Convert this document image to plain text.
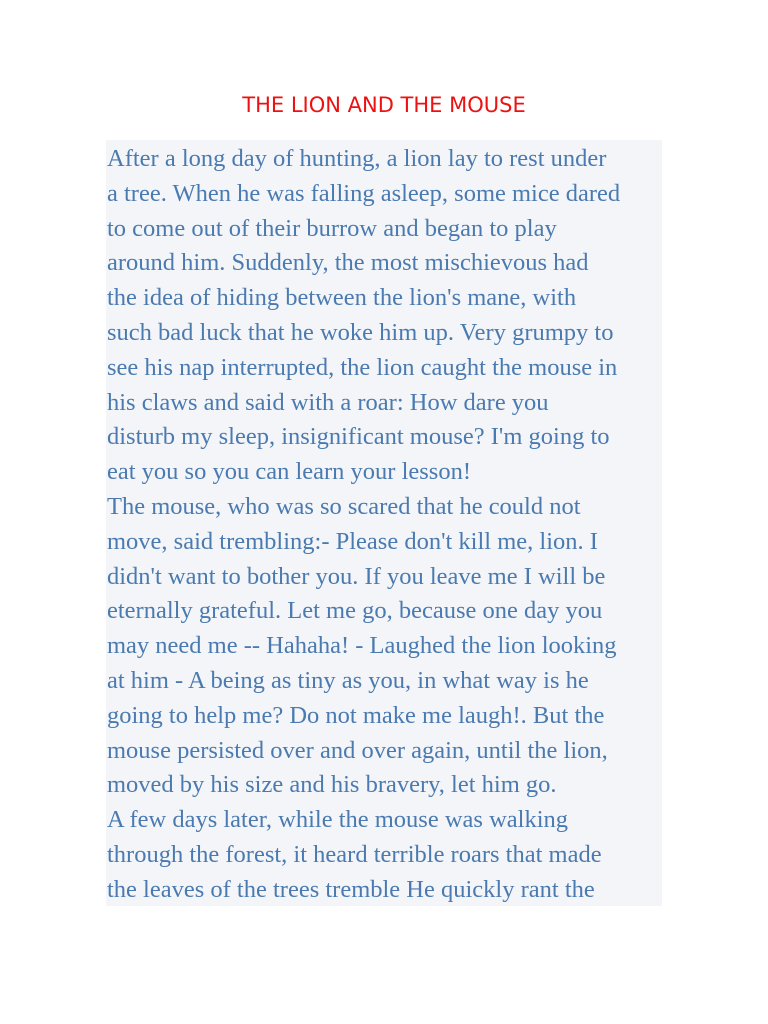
THE LION AND THE MOUSE
After a long day of hunting, a lion lay to rest under
a tree. When he was falling asleep, some mice dared
to come out of their burrow and began to play
around him. Suddenly, the most mischievous had
the idea of hiding between the lion's mane, with
such bad luck that he woke him up. Very grumpy to
see his nap interrupted, the lion caught the mouse in
his claws and said with a roar: How dare you
disturb my sleep, insignificant mouse? I'm going to
eat you so you can learn your lesson!
The mouse, who was so scared that he could not
move, said trembling:- Please don't kill me, lion. I
didn't want to bother you. If you leave me I will be
eternally grateful. Let me go, because one day you
may need me -- Hahaha! - Laughed the lion looking
at him - A being as tiny as you, in what way is he
going to help me? Do not make me laugh!. But the
mouse persisted over and over again, until the lion,
moved by his size and his bravery, let him go.
A few days later, while the mouse was walking
through the forest, it heard terrible roars that made
the leaves of the trees tremble He quickly rant the
